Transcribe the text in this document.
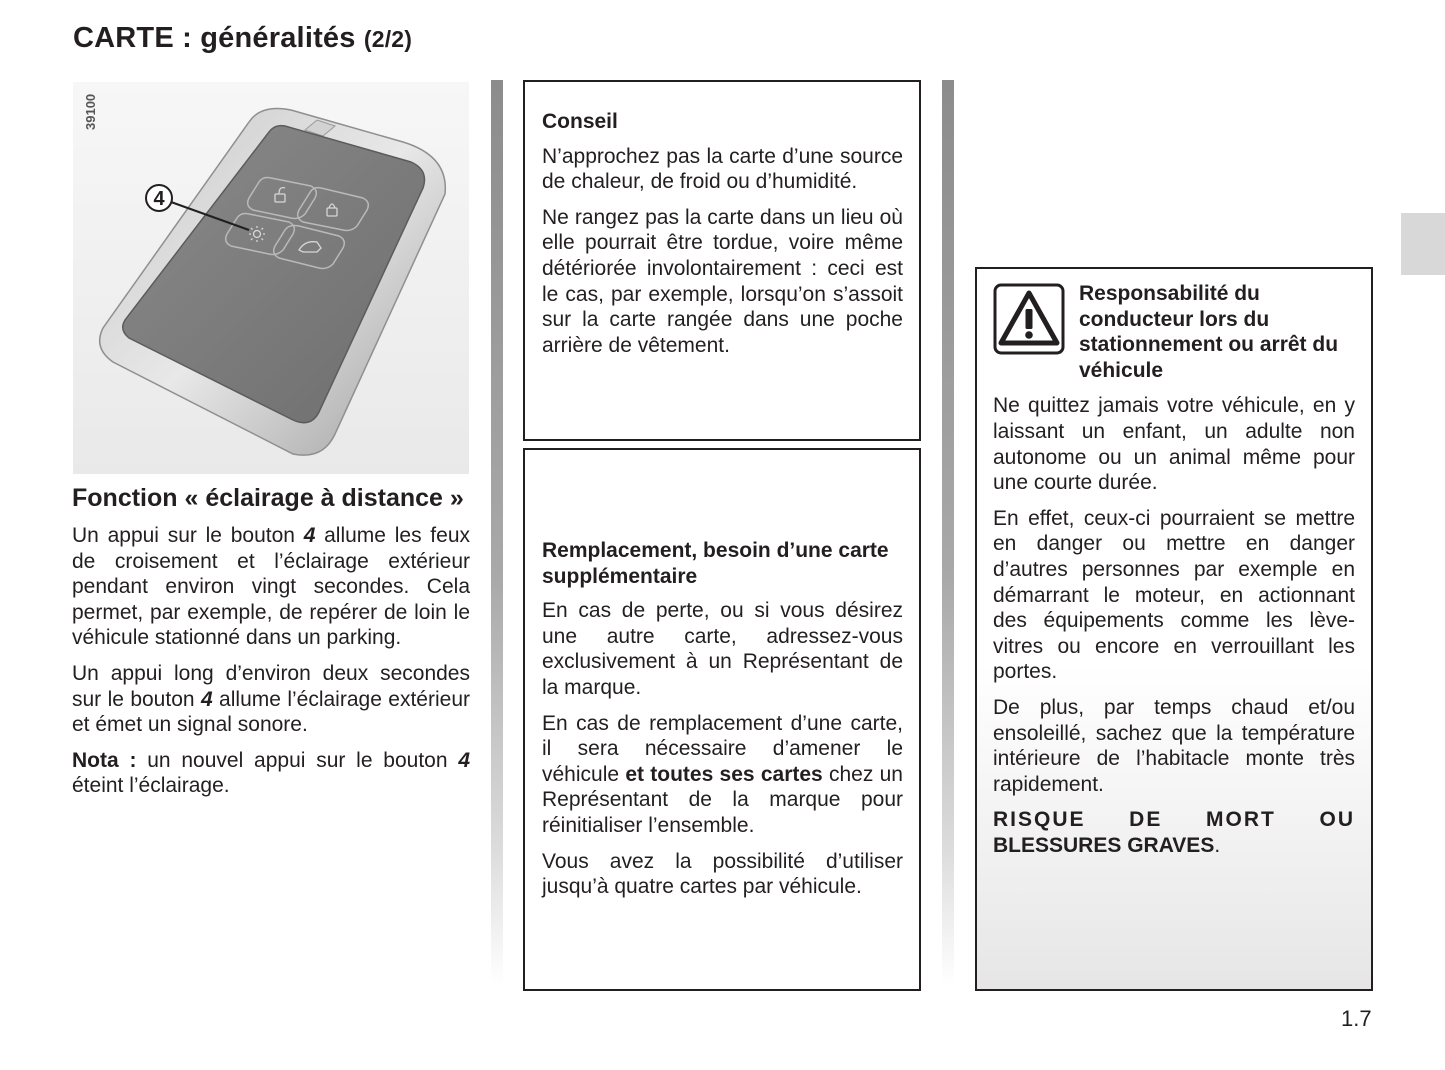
CARTE : généralités (2/2)
39100
4
Fonction « éclairage à distance »

Un appui sur le bouton 4 allume les feux de croisement et l’éclairage extérieur pendant environ vingt secondes. Cela permet, par exemple, de repérer de loin le véhicule stationné dans un parking.

Un appui long d’environ deux secondes sur le bouton 4 allume l’éclairage extérieur et émet un signal sonore.

Nota : un nouvel appui sur le bouton 4 éteint l’éclairage.

Conseil

N’approchez pas la carte d’une source de chaleur, de froid ou d’humidité.

Ne rangez pas la carte dans un lieu où elle pourrait être tordue, voire même détériorée involontairement : ceci est le cas, par exemple, lorsqu’on s’assoit sur la carte rangée dans une poche arrière de vêtement.

Remplacement, besoin d’une carte supplémentaire

En cas de perte, ou si vous désirez une autre carte, adressez-vous exclusivement à un Représentant de la marque.

En cas de remplacement d’une carte, il sera nécessaire d’amener le véhicule et toutes ses cartes chez un Représentant de la marque pour réinitialiser l’ensemble.

Vous avez la possibilité d’utiliser jusqu’à quatre cartes par véhicule.

Responsabilité du conducteur lors du stationnement ou arrêt du véhicule

Ne quittez jamais votre véhicule, en y laissant un enfant, un adulte non autonome ou un animal même pour une courte durée.

En effet, ceux-ci pourraient se mettre en danger ou mettre en danger d’autres personnes par exemple en démarrant le moteur, en actionnant des équipements comme les lève-vitres ou encore en verrouillant les portes.

De plus, par temps chaud et/ou ensoleillé, sachez que la température intérieure de l’habitacle monte très rapidement.

RISQUE DE MORT OU
BLESSURES GRAVES.
1.7
